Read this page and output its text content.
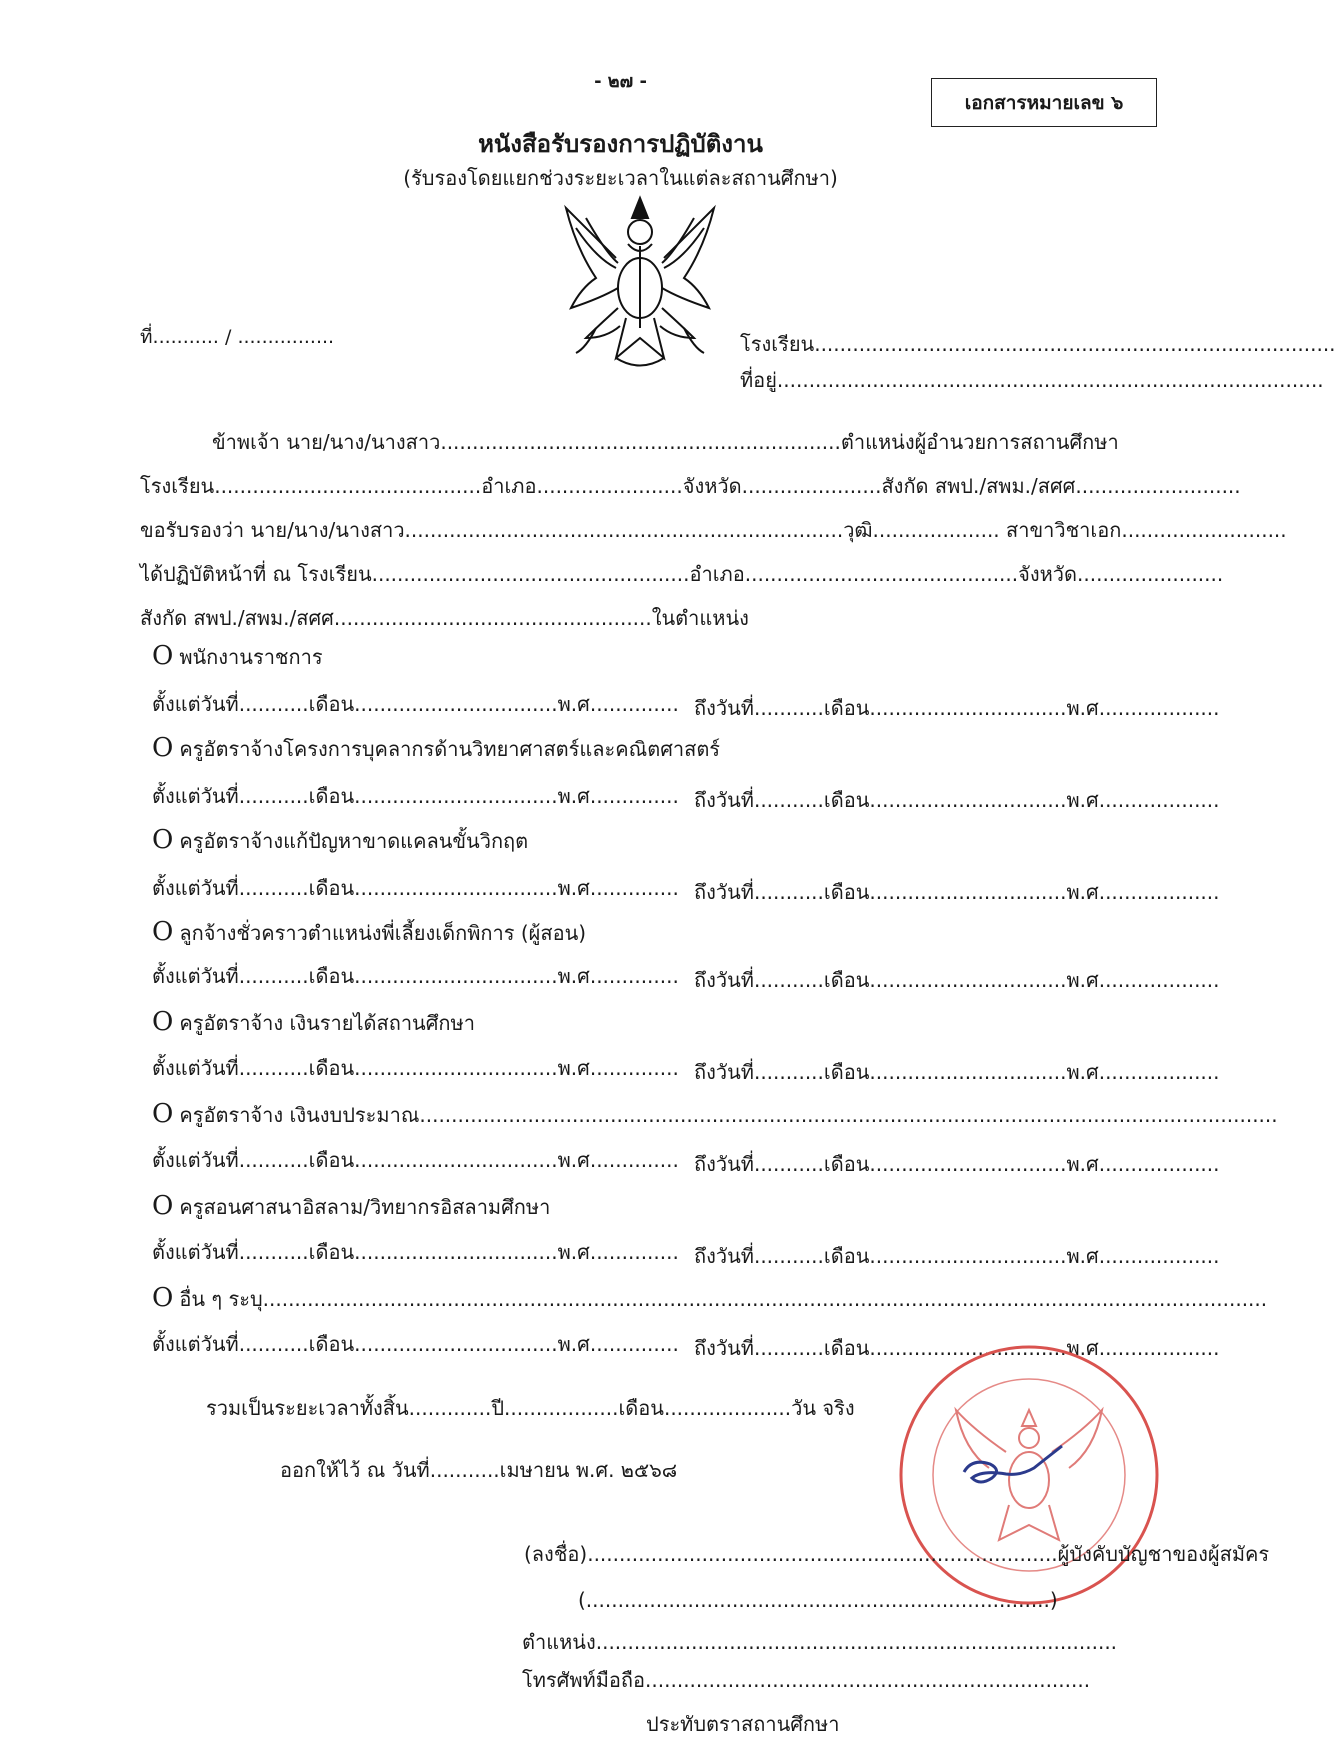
- ๒๗ -
เอกสารหมายเลข ๖
หนังสือรับรองการปฏิบัติงาน
(รับรองโดยแยกช่วงระยะเวลาในแต่ละสถานศึกษา)
ที่........... / ................	โรงเรียน..................................................................................
ที่อยู่......................................................................................
ข้าพเจ้า นาย/นาง/นางสาว...............................................................ตำแหน่งผู้อำนวยการสถานศึกษา
โรงเรียน..........................................อำเภอ.......................จังหวัด......................สังกัด สพป./สพม./สศศ..........................
ขอรับรองว่า นาย/นาง/นางสาว.....................................................................วุฒิ.................... สาขาวิชาเอก..........................
ได้ปฏิบัติหน้าที่ ณ โรงเรียน..................................................อำเภอ...........................................จังหวัด.......................
สังกัด สพป./สพม./สศศ..................................................ในตำแหน่ง
O พนักงานราชการ
ตั้งแต่วันที่...........เดือน................................พ.ศ.............. ถึงวันที่...........เดือน...............................พ.ศ...................
O ครูอัตราจ้างโครงการบุคลากรด้านวิทยาศาสตร์และคณิตศาสตร์
ตั้งแต่วันที่...........เดือน................................พ.ศ.............. ถึงวันที่...........เดือน...............................พ.ศ...................
O ครูอัตราจ้างแก้ปัญหาขาดแคลนขั้นวิกฤต
ตั้งแต่วันที่...........เดือน................................พ.ศ.............. ถึงวันที่...........เดือน...............................พ.ศ...................
O ลูกจ้างชั่วคราวตำแหน่งพี่เลี้ยงเด็กพิการ (ผู้สอน)
ตั้งแต่วันที่...........เดือน................................พ.ศ.............. ถึงวันที่...........เดือน...............................พ.ศ...................
O ครูอัตราจ้าง เงินรายได้สถานศึกษา
ตั้งแต่วันที่...........เดือน................................พ.ศ.............. ถึงวันที่...........เดือน...............................พ.ศ...................
O ครูอัตราจ้าง เงินงบประมาณ.......................................................................................................................................
ตั้งแต่วันที่...........เดือน................................พ.ศ.............. ถึงวันที่...........เดือน...............................พ.ศ...................
O ครูสอนศาสนาอิสลาม/วิทยากรอิสลามศึกษา
ตั้งแต่วันที่...........เดือน................................พ.ศ.............. ถึงวันที่...........เดือน...............................พ.ศ...................
O อื่น ๆ ระบุ..............................................................................................................................................................
ตั้งแต่วันที่...........เดือน................................พ.ศ.............. ถึงวันที่...........เดือน...............................พ.ศ...................
รวมเป็นระยะเวลาทั้งสิ้น.............ปี..................เดือน....................วัน จริง
ออกให้ไว้ ณ วันที่...........เมษายน พ.ศ. ๒๕๖๘
(ลงชื่อ)..........................................................................ผู้บังคับบัญชาของผู้สมัคร
(.........................................................................)
ตำแหน่ง..................................................................................
โทรศัพท์มือถือ......................................................................
ประทับตราสถานศึกษา
